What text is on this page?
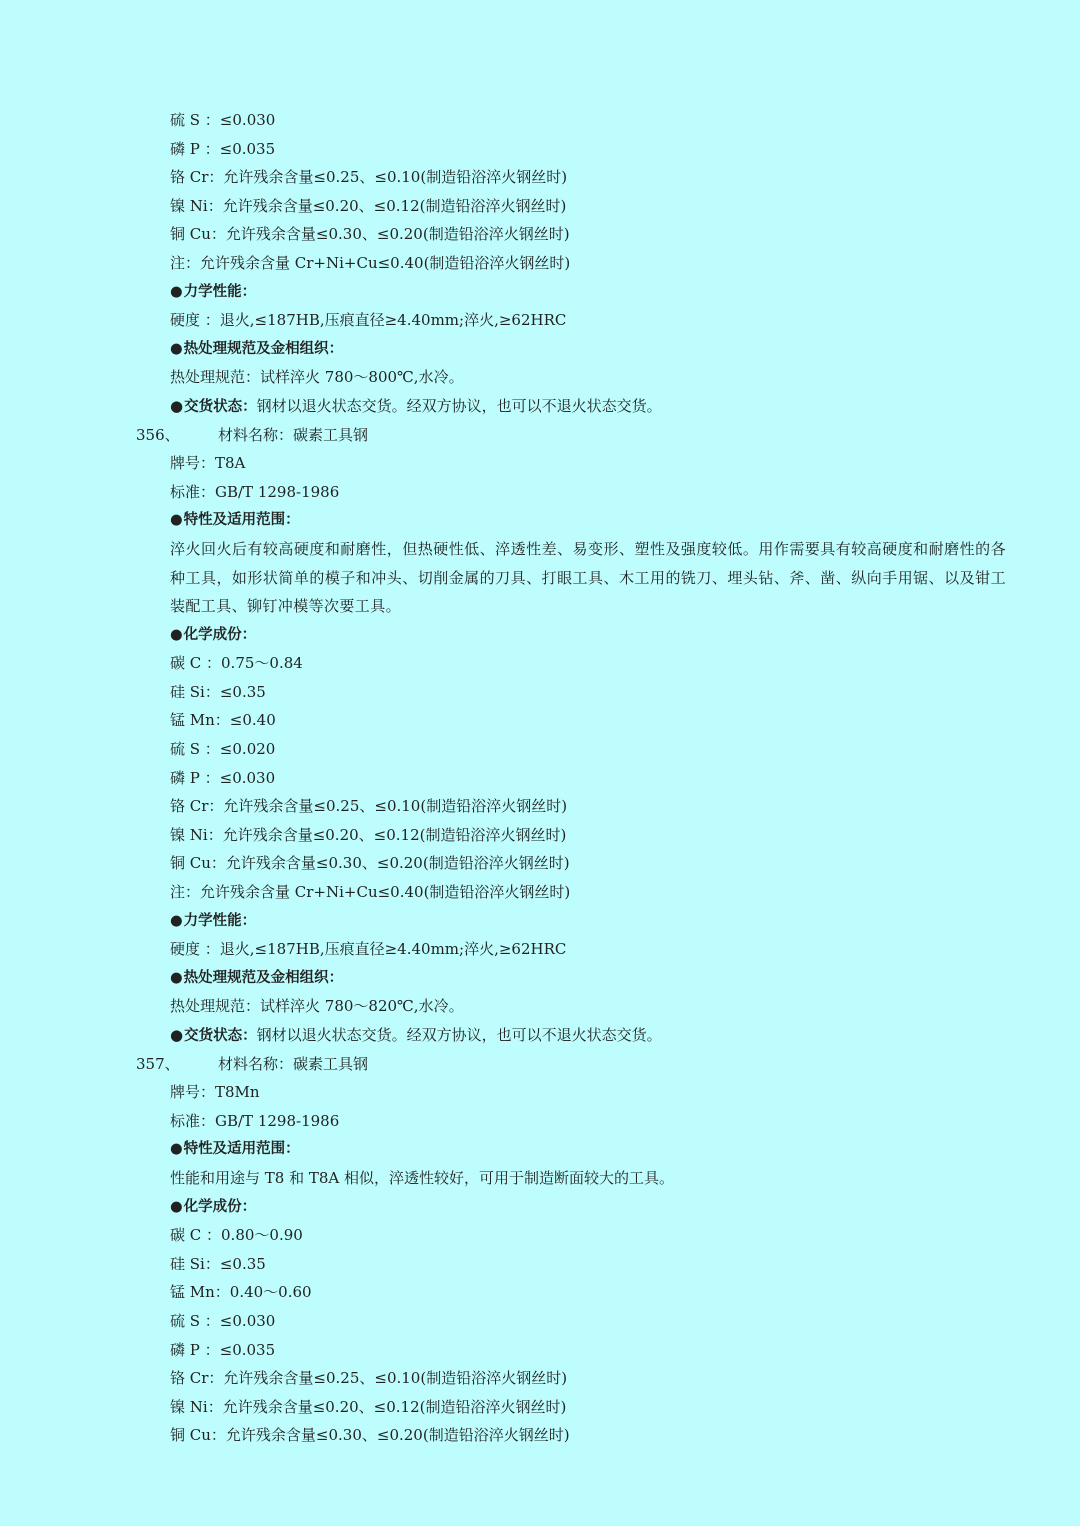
硫 S ：≤0.030
磷 P ：≤0.035
铬 Cr：允许残余含量≤0.25、≤0.10(制造铅浴淬火钢丝时)
镍 Ni：允许残余含量≤0.20、≤0.12(制造铅浴淬火钢丝时)
铜 Cu：允许残余含量≤0.30、≤0.20(制造铅浴淬火钢丝时)
注：允许残余含量 Cr+Ni+Cu≤0.40(制造铅浴淬火钢丝时)
●力学性能：
硬度 ：退火,≤187HB,压痕直径≥4.40mm;淬火,≥62HRC
●热处理规范及金相组织：
热处理规范：试样淬火 780～800℃,水冷。
●交货状态：钢材以退火状态交货。经双方协议，也可以不退火状态交货。
356、	材料名称：碳素工具钢
牌号：T8A
标准：GB/T 1298-1986
●特性及适用范围：
淬火回火后有较高硬度和耐磨性，但热硬性低、淬透性差、易变形、塑性及强度较低。用作需要具有较高硬度和耐磨性的各种工具，如形状简单的模子和冲头、切削金属的刀具、打眼工具、木工用的铣刀、埋头钻、斧、凿、纵向手用锯、以及钳工装配工具、铆钉冲模等次要工具。
●化学成份：
碳 C ：0.75～0.84
硅 Si：≤0.35
锰 Mn：≤0.40
硫 S ：≤0.020
磷 P ：≤0.030
铬 Cr：允许残余含量≤0.25、≤0.10(制造铅浴淬火钢丝时)
镍 Ni：允许残余含量≤0.20、≤0.12(制造铅浴淬火钢丝时)
铜 Cu：允许残余含量≤0.30、≤0.20(制造铅浴淬火钢丝时)
注：允许残余含量 Cr+Ni+Cu≤0.40(制造铅浴淬火钢丝时)
●力学性能：
硬度 ：退火,≤187HB,压痕直径≥4.40mm;淬火,≥62HRC
●热处理规范及金相组织：
热处理规范：试样淬火 780～820℃,水冷。
●交货状态：钢材以退火状态交货。经双方协议，也可以不退火状态交货。
357、	材料名称：碳素工具钢
牌号：T8Mn
标准：GB/T 1298-1986
●特性及适用范围：
性能和用途与 T8 和 T8A 相似，淬透性较好，可用于制造断面较大的工具。
●化学成份：
碳 C ：0.80～0.90
硅 Si：≤0.35
锰 Mn：0.40～0.60
硫 S ：≤0.030
磷 P ：≤0.035
铬 Cr：允许残余含量≤0.25、≤0.10(制造铅浴淬火钢丝时)
镍 Ni：允许残余含量≤0.20、≤0.12(制造铅浴淬火钢丝时)
铜 Cu：允许残余含量≤0.30、≤0.20(制造铅浴淬火钢丝时)
